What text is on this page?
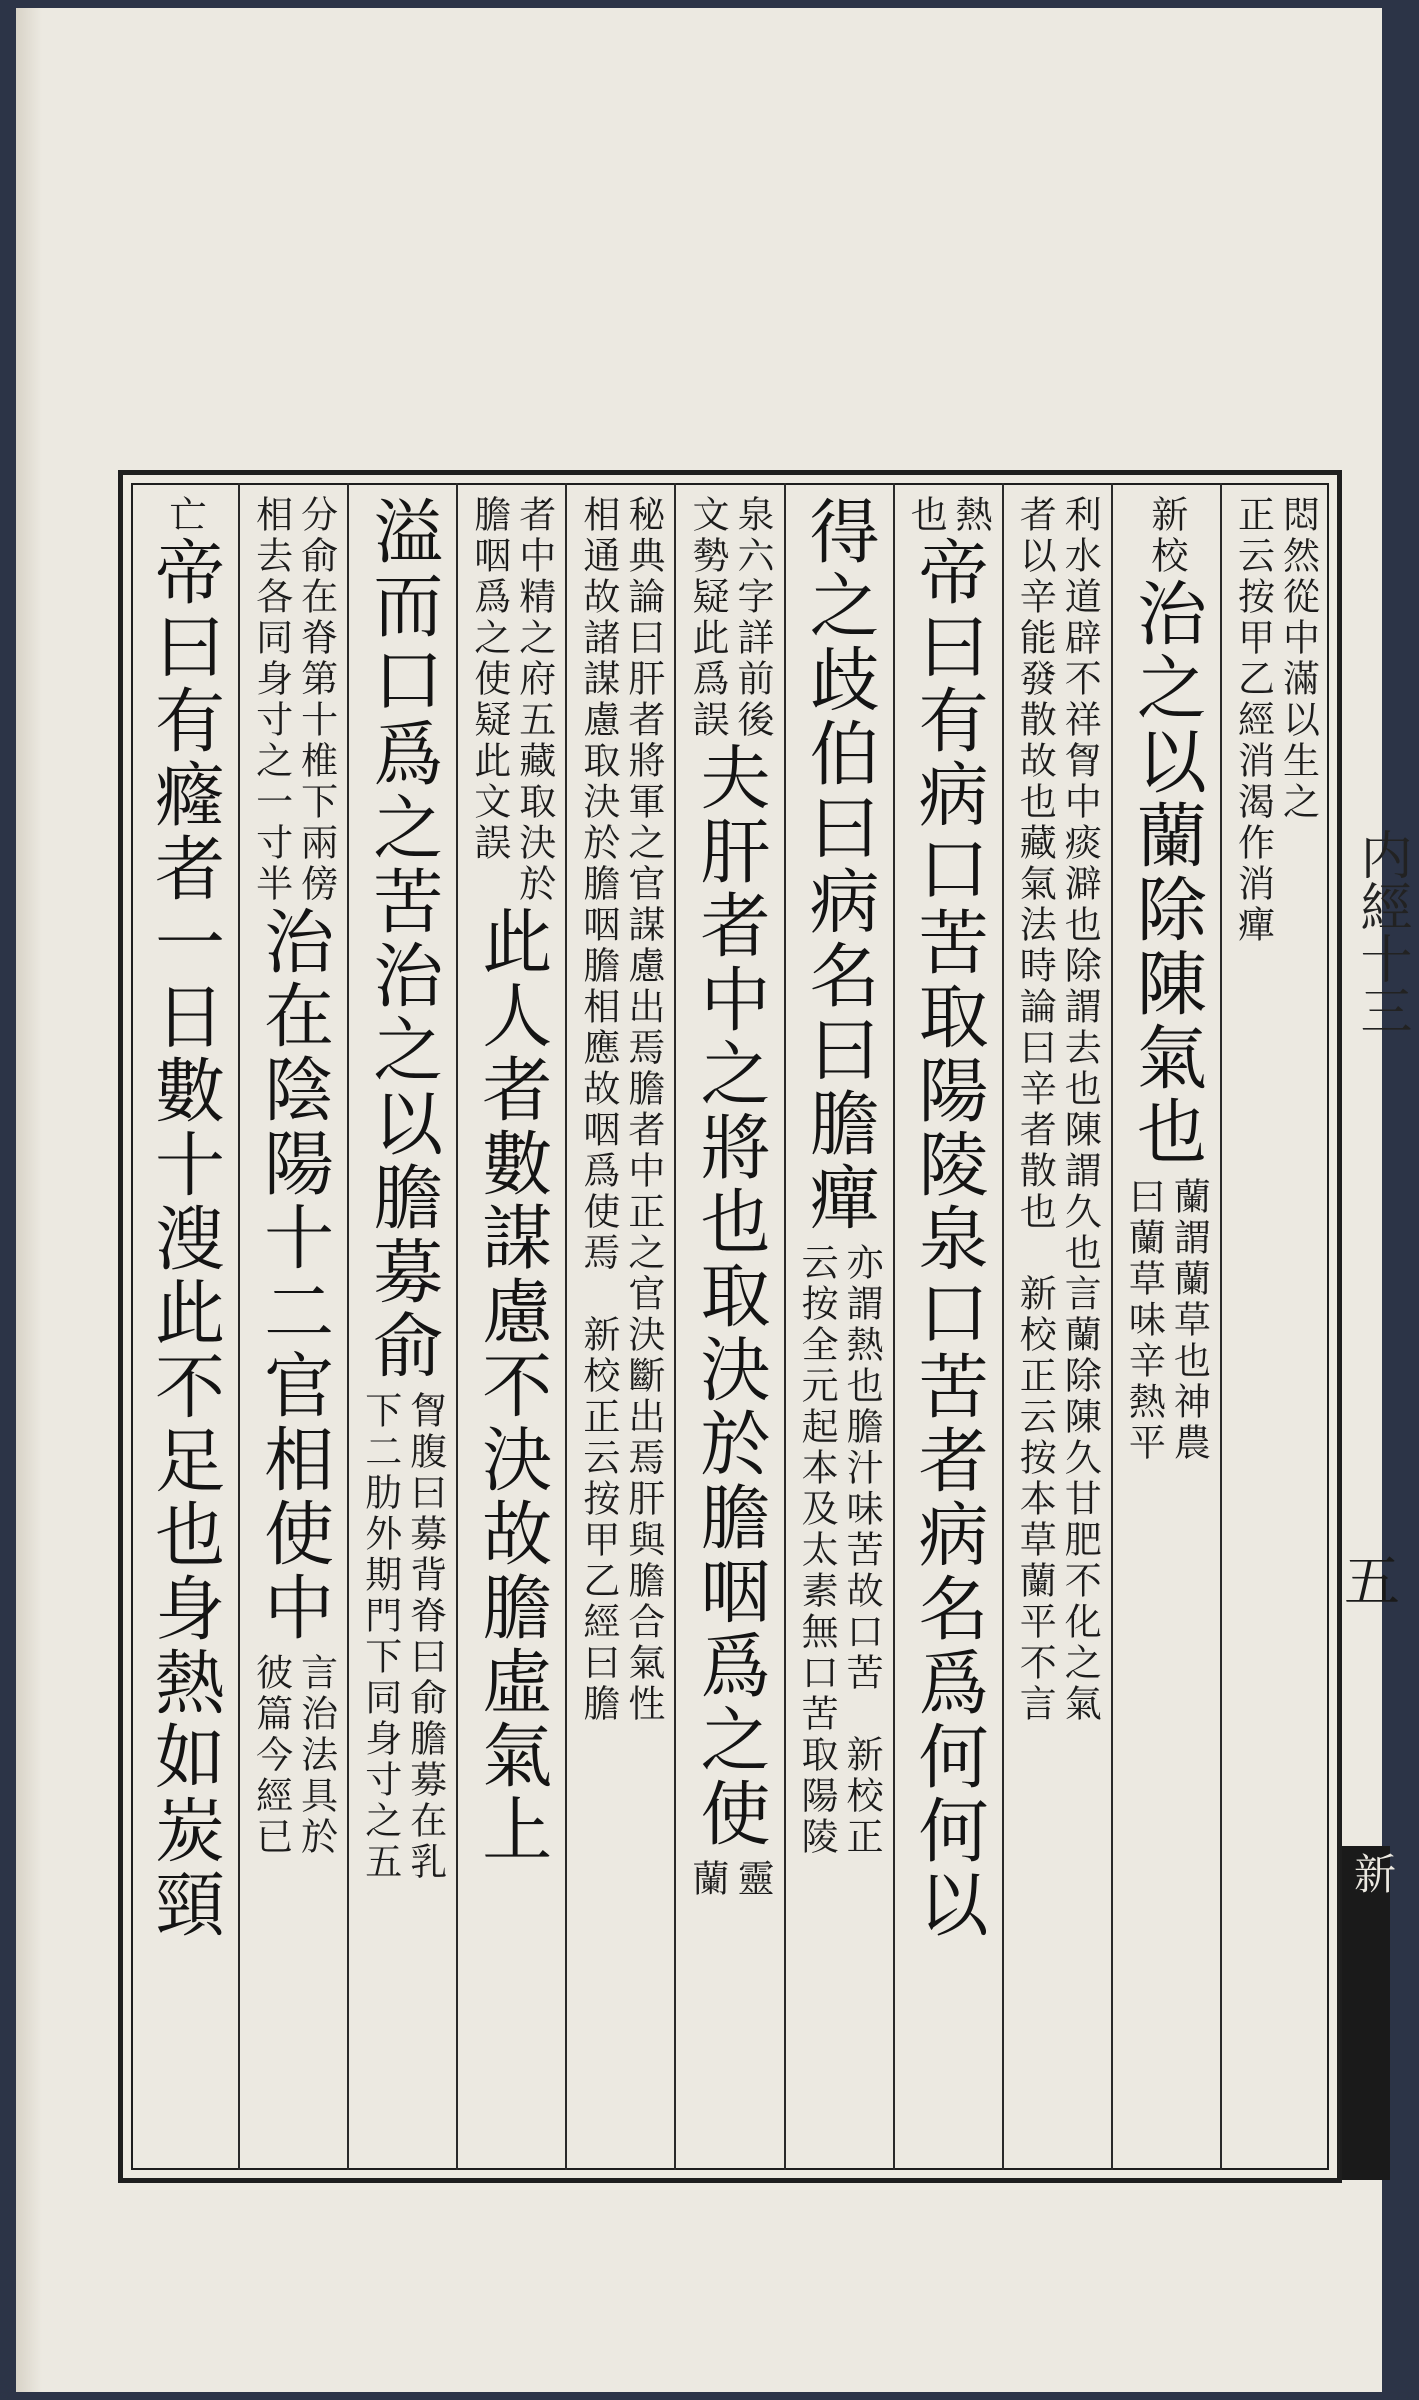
悶然從中滿以生之
正云按甲乙經消渴作消癉
新校
治之以蘭除陳氣也
蘭謂蘭草也神農
曰蘭草味辛熱平
利水道辟不祥胷中痰澼也除謂去也陳謂久也言蘭除陳久甘肥不化之氣
者以辛能發散故也藏氣法時論曰辛者散也　新校正云按本草蘭平不言
熱
也
帝曰有病口苦取陽陵泉口苦者病名爲何何以
得之歧伯曰病名曰膽癉
亦謂熱也膽汁味苦故口苦　新校正
云按全元起本及太素無口苦取陽陵
泉六字詳前後
文勢疑此爲誤
夫肝者中之將也取決於膽咽爲之使
靈
蘭
秘典論曰肝者將軍之官謀慮出焉膽者中正之官決斷出焉肝與膽合氣性
相通故諸謀慮取決於膽咽膽相應故咽爲使焉　新校正云按甲乙經曰膽
者中精之府五藏取決於
膽咽爲之使疑此文誤
此人者數謀慮不決故膽虛氣上
溢而口爲之苦治之以膽募俞
胷腹曰募背脊曰俞膽募在乳
下二肋外期門下同身寸之五
分俞在脊第十椎下兩傍
相去各同身寸之一寸半
治在陰陽十二官相使中
言治法具於
彼篇今經已
亡
帝曰有癃者一日數十溲此不足也身熱如炭頸	内經十三
五
新
